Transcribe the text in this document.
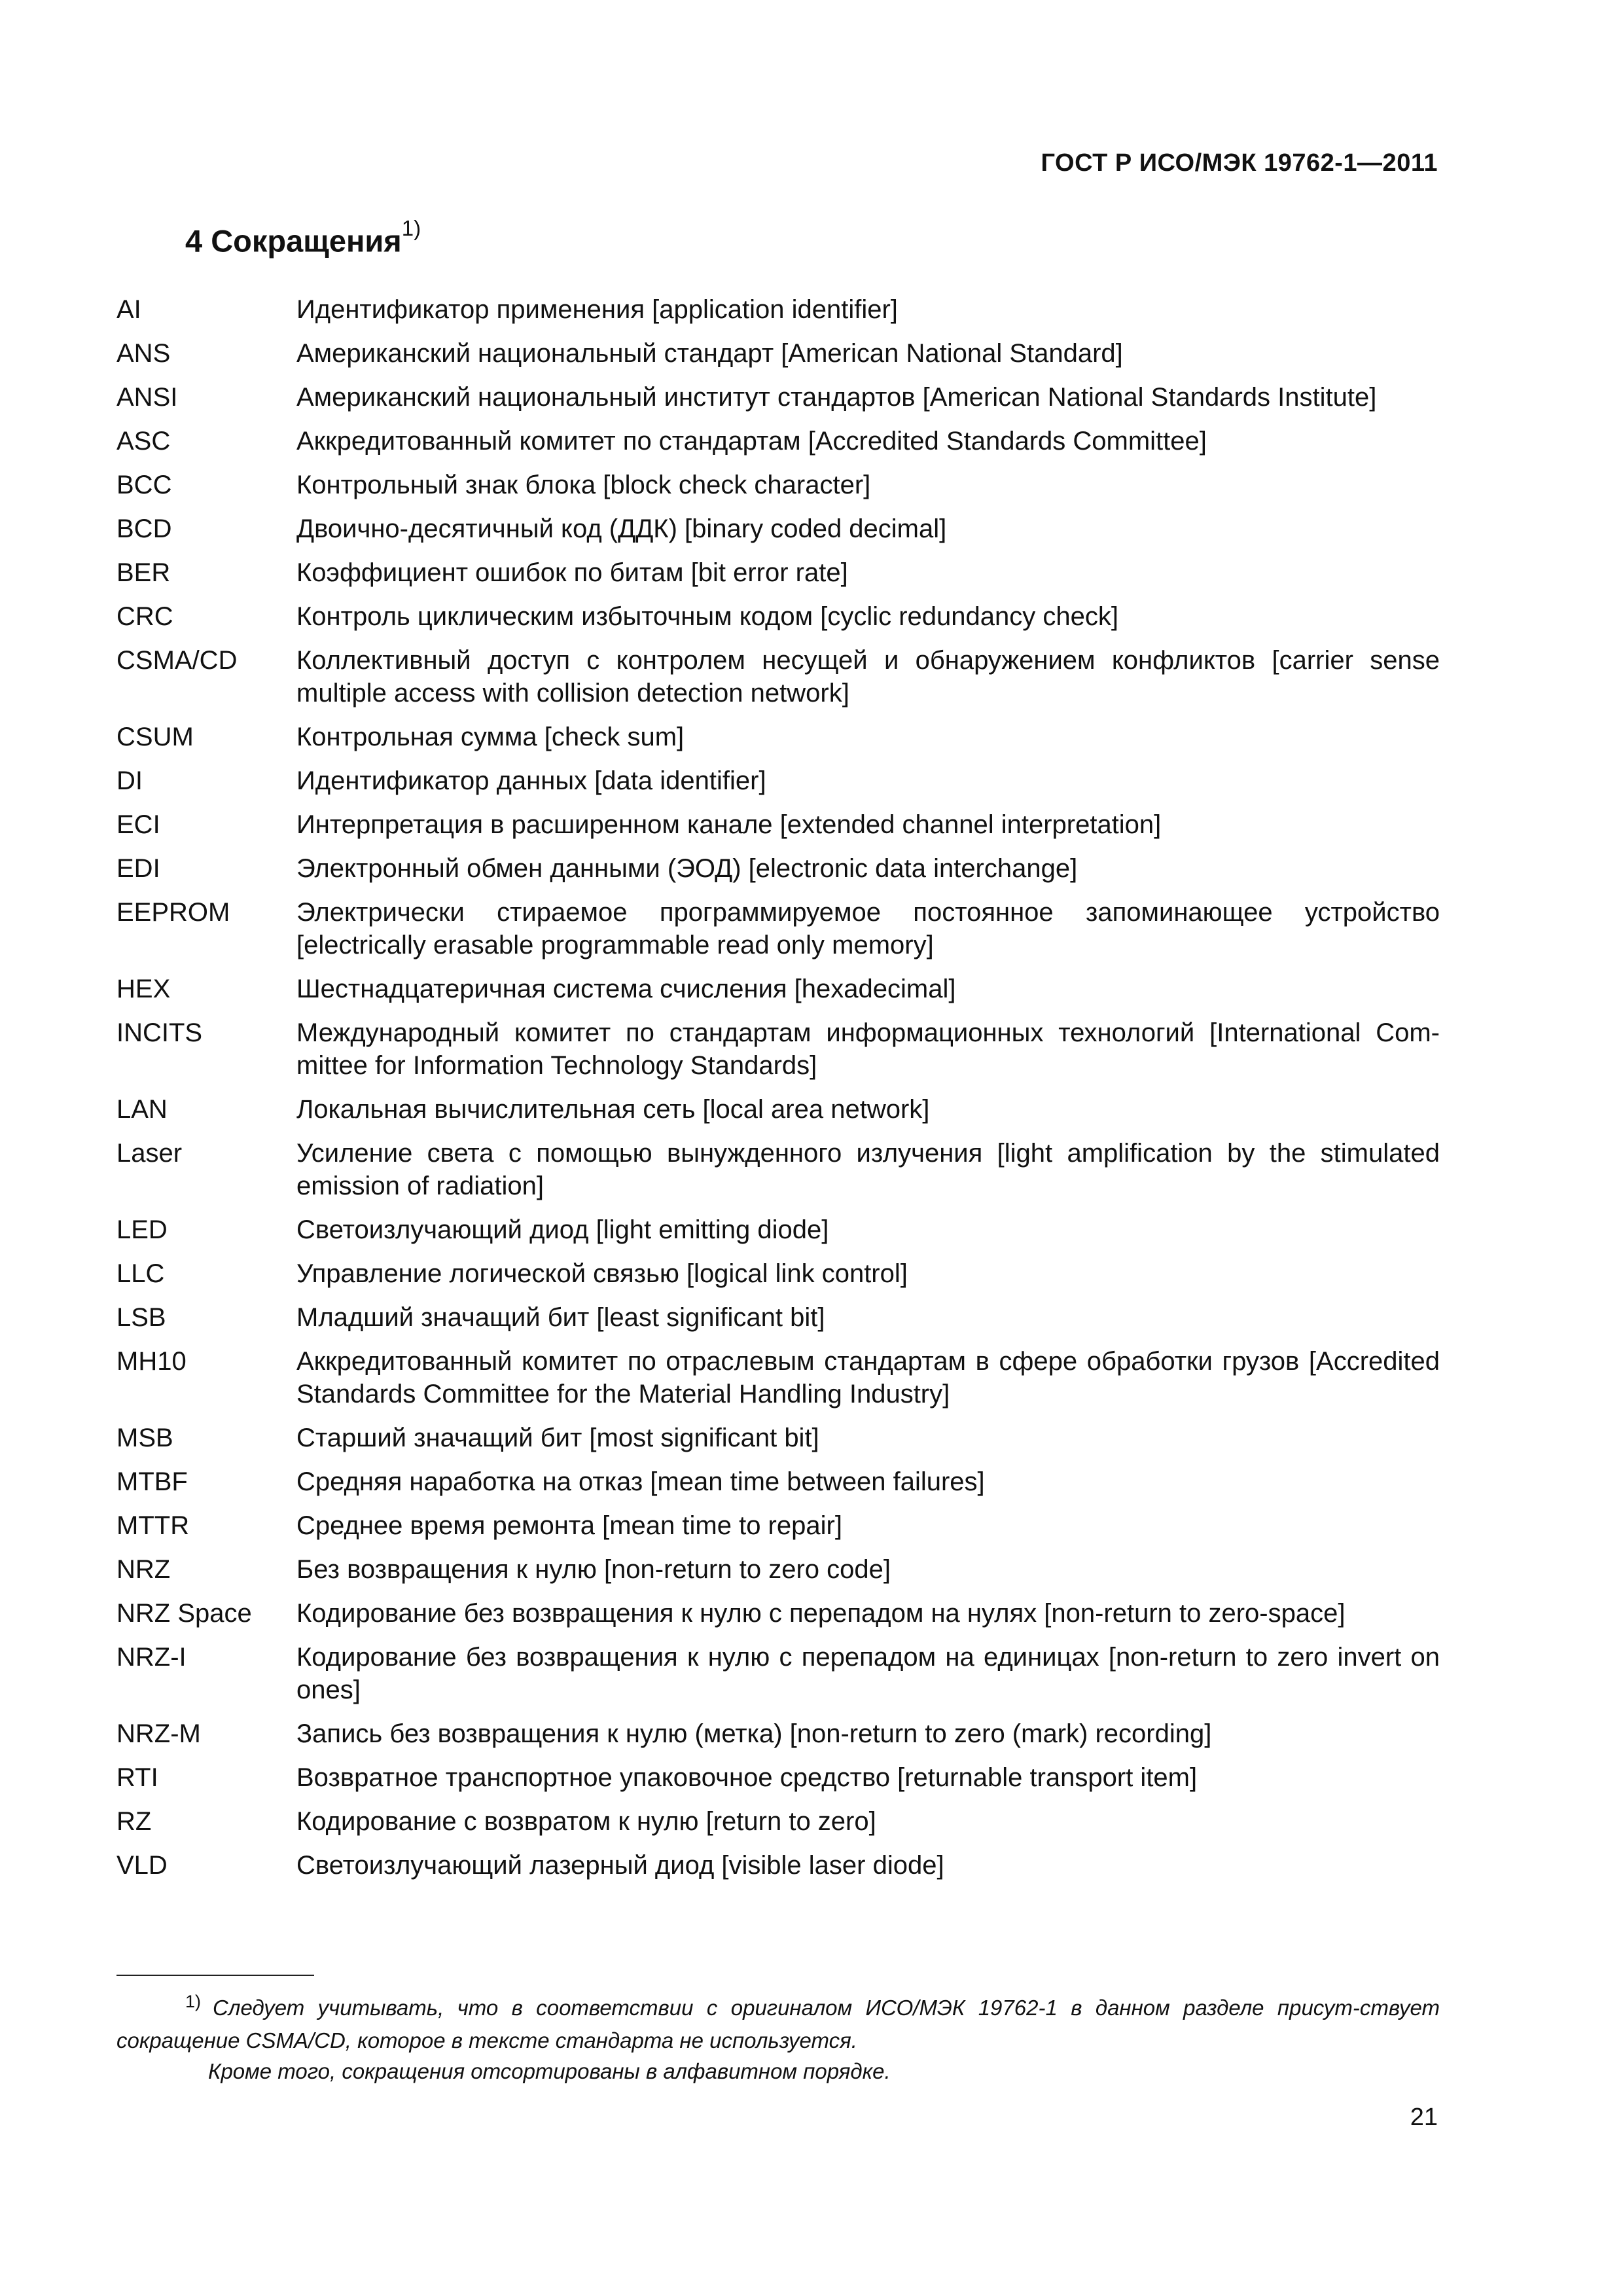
ГОСТ Р ИСО/МЭК 19762-1—2011
4 Сокращения$^{1)}$
AI	Идентификатор применения [application identifier]
ANS	Американский национальный стандарт [American National Standard]
ANSI	Американский национальный институт стандартов [American National Standards Institute]
ASC	Аккредитованный комитет по стандартам [Accredited Standards Committee]
BCC	Контрольный знак блока [block check character]
BCD	Двоично-десятичный код (ДДК) [binary coded decimal]
BER	Коэффициент ошибок по битам [bit error rate]
CRC	Контроль циклическим избыточным кодом [cyclic redundancy check]
CSMA/CD	Коллективный доступ с контролем несущей и обнаружением конфликтов [carrier sense multiple access with collision detection network]
CSUM	Контрольная сумма [check sum]
DI	Идентификатор данных [data identifier]
ECI	Интерпретация в расширенном канале [extended channel interpretation]
EDI	Электронный обмен данными (ЭОД) [electronic data interchange]
EEPROM	Электрически стираемое программируемое постоянное запоминающее устройство [electrically erasable programmable read only memory]
HEX	Шестнадцатеричная система счисления [hexadecimal]
INCITS	Международный комитет по стандартам информационных технологий [International Com-mittee for Information Technology Standards]
LAN	Локальная вычислительная сеть [local area network]
Laser	Усиление света с помощью вынужденного излучения [light amplification by the stimulated emission of radiation]
LED	Светоизлучающий диод [light emitting diode]
LLC	Управление логической связью [logical link control]
LSB	Младший значащий бит [least significant bit]
MH10	Аккредитованный комитет по отраслевым стандартам в сфере обработки грузов [Accredited Standards Committee for the Material Handling Industry]
MSB	Старший значащий бит [most significant bit]
MTBF	Средняя наработка на отказ [mean time between failures]
MTTR	Среднее время ремонта [mean time to repair]
NRZ	Без возвращения к нулю [non-return to zero code]
NRZ Space	Кодирование без возвращения к нулю с перепадом на нулях [non-return to zero-space]
NRZ-I	Кодирование без возвращения к нулю с перепадом на единицах [non-return to zero invert on ones]
NRZ-M	Запись без возвращения к нулю (метка) [non-return to zero (mark) recording]
RTI	Возвратное транспортное упаковочное средство [returnable transport item]
RZ	Кодирование с возвратом к нулю [return to zero]
VLD	Светоизлучающий лазерный диод [visible laser diode]

$^{1)}$ Следует учитывать, что в соответствии с оригиналом ИСО/МЭК 19762-1 в данном разделе присут-ствует сокращение CSMA/CD, которое в тексте стандарта не используется.

Кроме того, сокращения отсортированы в алфавитном порядке.

21
